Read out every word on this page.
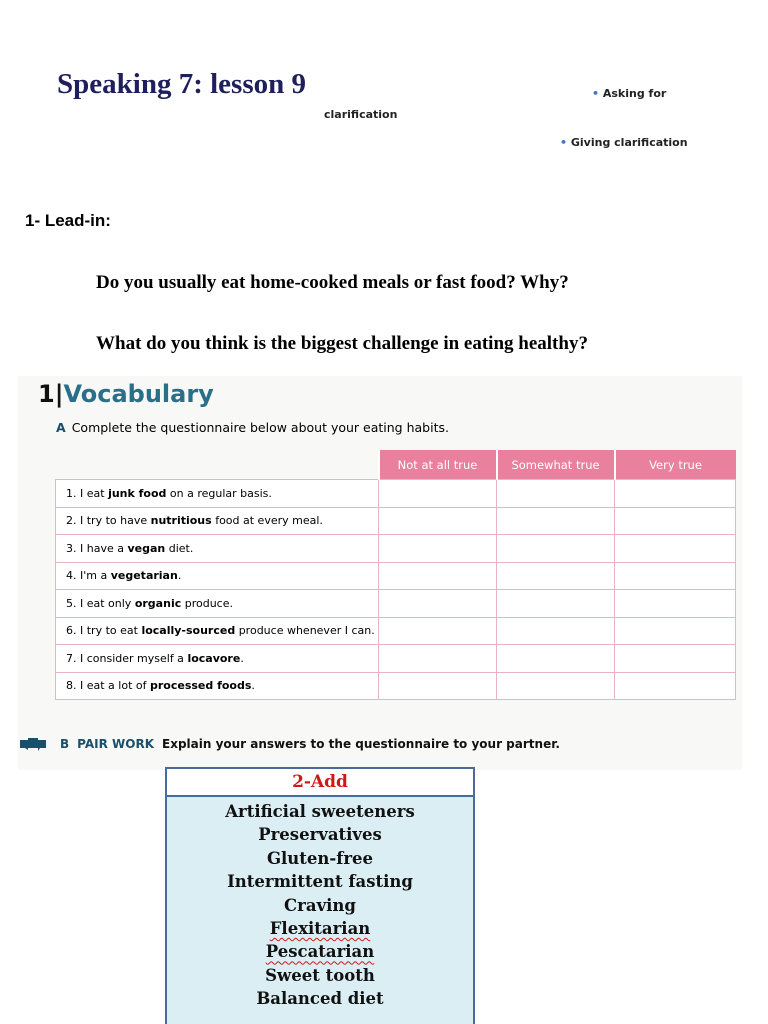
Speaking 7: lesson 9	• Asking for
clarification
• Giving clarification
1- Lead-in:
Do you usually eat home-cooked meals or fast food? Why?
What do you think is the biggest challenge in eating healthy?
1|Vocabulary
A Complete the questionnaire below about your eating habits.
	Not at all true	Somewhat true	Very true
1. I eat junk food on a regular basis.			
2. I try to have nutritious food at every meal.			
3. I have a vegan diet.			
4. I'm a vegetarian.			
5. I eat only organic produce.			
6. I try to eat locally-sourced produce whenever I can.			
7. I consider myself a locavore.			
8. I eat a lot of processed foods.			
B PAIR WORK Explain your answers to the questionnaire to your partner.
2-Add
Artificial sweeteners
Preservatives
Gluten-free
Intermittent fasting
Craving
Flexitarian
Pescatarian
Sweet tooth
Balanced diet
